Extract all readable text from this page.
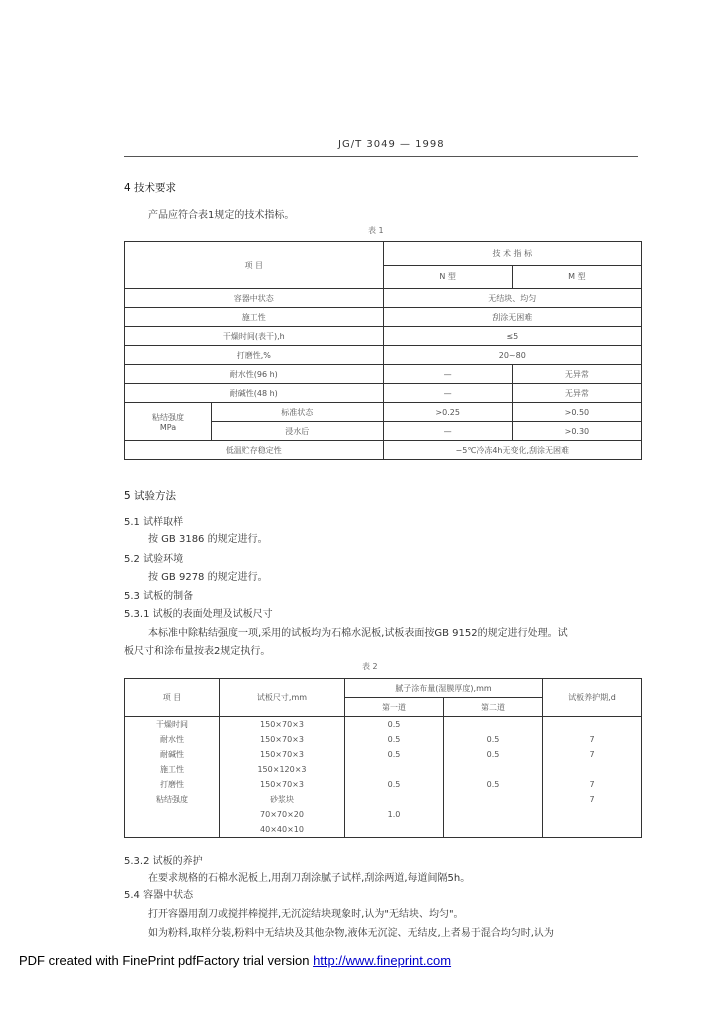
JG/T 3049 — 1998
4 技术要求
产品应符合表1规定的技术指标。
表 1
项 目		技 术 指 标	
		N 型	M 型
容器中状态		无结块、均匀	
施工性		刮涂无困难	
干燥时间(表干),h		≤5	
打磨性,%		20~80	
耐水性(96 h)		—	无异常
耐碱性(48 h)		—	无异常

粘结强度
MPa	标准状态	>0.25	>0.50
	浸水后	—	>0.30
低温贮存稳定性		−5℃冷冻4h无变化,刮涂无困难	
5 试验方法
5.1 试样取样
按 GB 3186 的规定进行。
5.2 试验环境
按 GB 9278 的规定进行。
5.3 试板的制备
5.3.1 试板的表面处理及试板尺寸
本标准中除粘结强度一项,采用的试板均为石棉水泥板,试板表面按GB 9152的规定进行处理。试
板尺寸和涂布量按表2规定执行。
表 2
项 目	试板尺寸,mm	腻子涂布量(湿膜厚度),mm		试板养护期,d
		第一道	第二道	
干燥时间	150×70×3	0.5		
耐水性	150×70×3	0.5	0.5	7
耐碱性	150×70×3	0.5	0.5	7
施工性	150×120×3			
打磨性	150×70×3	0.5	0.5	7
粘结强度	砂浆块			7
	70×70×20	1.0		
	40×40×10			
5.3.2 试板的养护
在要求规格的石棉水泥板上,用刮刀刮涂腻子试样,刮涂两道,每道间隔5h。
5.4 容器中状态
打开容器用刮刀或搅拌棒搅拌,无沉淀结块现象时,认为"无结块、均匀"。
如为粉料,取样分装,粉料中无结块及其他杂物,液体无沉淀、无结皮,上者易于混合均匀时,认为
PDF created with FinePrint pdfFactory trial version http://www.fineprint.com
